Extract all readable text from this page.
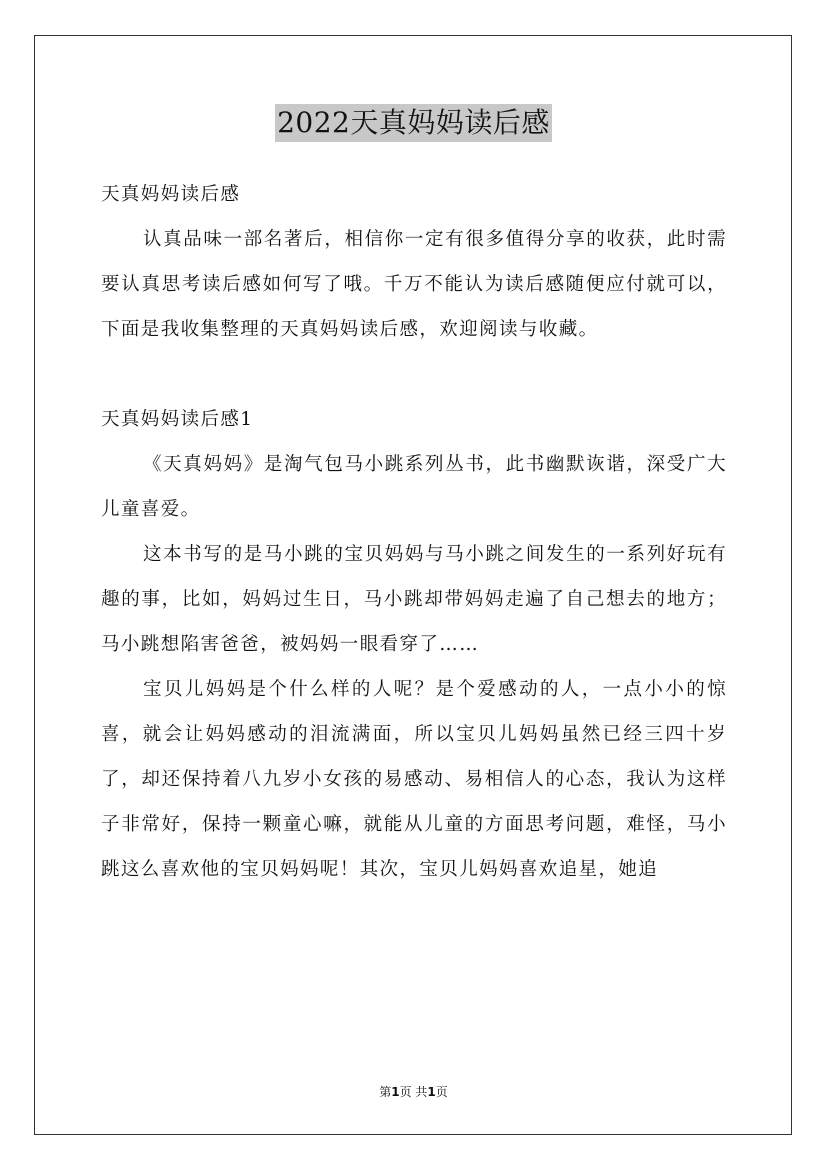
2022天真妈妈读后感

天真妈妈读后感

认真品味一部名著后，相信你一定有很多值得分享的收获，此时需要认真思考读后感如何写了哦。千万不能认为读后感随便应付就可以，下面是我收集整理的天真妈妈读后感，欢迎阅读与收藏。

天真妈妈读后感1

《天真妈妈》是淘气包马小跳系列丛书，此书幽默诙谐，深受广大儿童喜爱。

这本书写的是马小跳的宝贝妈妈与马小跳之间发生的一系列好玩有趣的事，比如，妈妈过生日，马小跳却带妈妈走遍了自己想去的地方；马小跳想陷害爸爸，被妈妈一眼看穿了……

宝贝儿妈妈是个什么样的人呢？是个爱感动的人，一点小小的惊喜，就会让妈妈感动的泪流满面，所以宝贝儿妈妈虽然已经三四十岁了，却还保持着八九岁小女孩的易感动、易相信人的心态，我认为这样子非常好，保持一颗童心嘛，就能从儿童的方面思考问题，难怪，马小跳这么喜欢他的宝贝妈妈呢！其次，宝贝儿妈妈喜欢追星，她追

第1页 共1页
